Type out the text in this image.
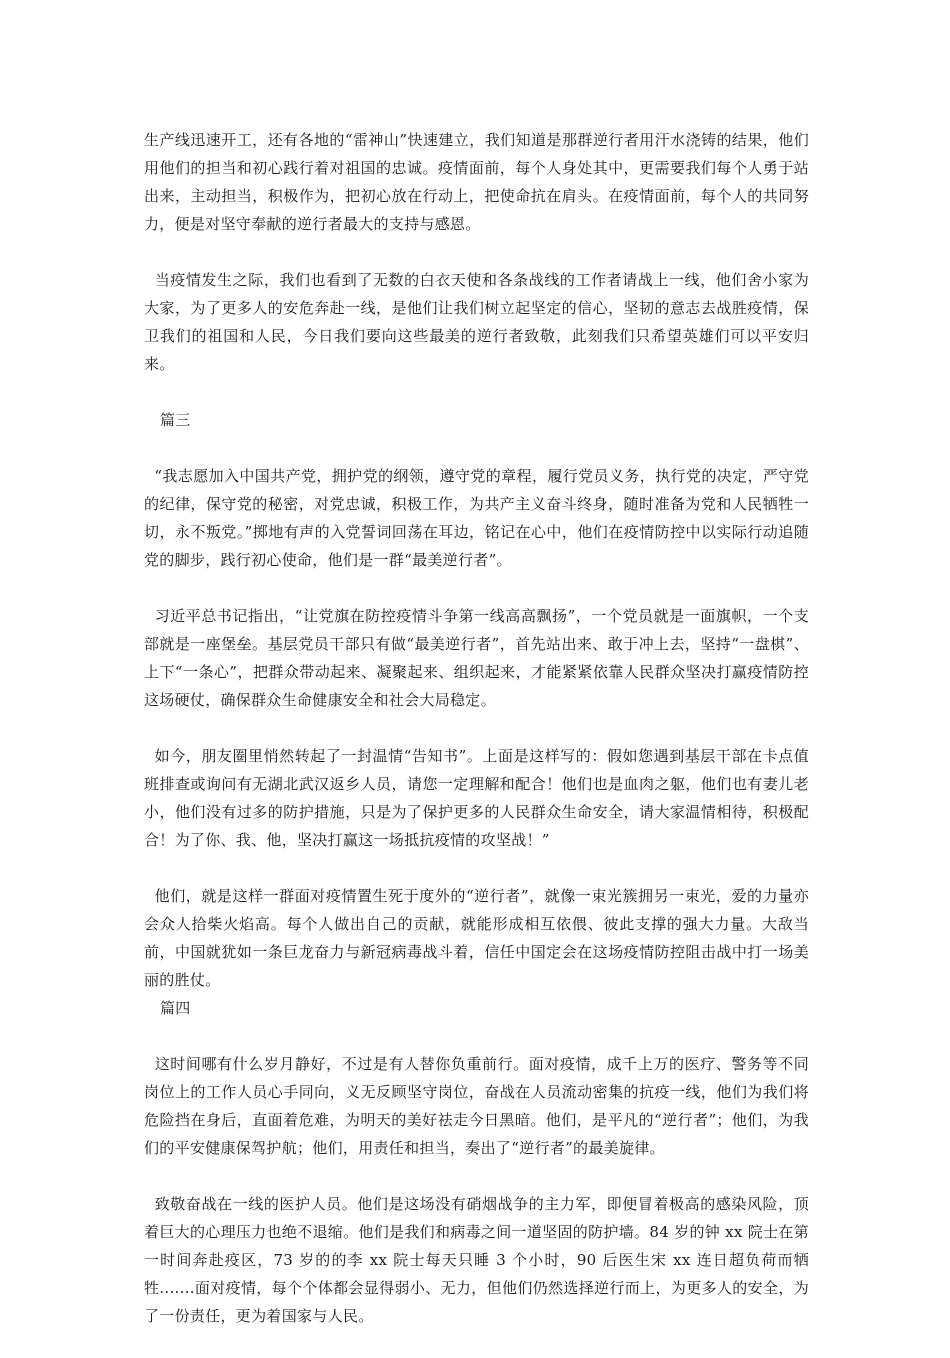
生产线迅速开工，还有各地的“雷神山”快速建立，我们知道是那群逆行者用汗水浇铸的结果，他们用他们的担当和初心践行着对祖国的忠诚。疫情面前，每个人身处其中，更需要我们每个人勇于站出来，主动担当，积极作为，把初心放在行动上，把使命抗在肩头。在疫情面前，每个人的共同努力，便是对坚守奉献的逆行者最大的支持与感恩。

当疫情发生之际，我们也看到了无数的白衣天使和各条战线的工作者请战上一线，他们舍小家为大家，为了更多人的安危奔赴一线，是他们让我们树立起坚定的信心，坚韧的意志去战胜疫情，保卫我们的祖国和人民，今日我们要向这些最美的逆行者致敬，此刻我们只希望英雄们可以平安归来。

篇三

“我志愿加入中国共产党，拥护党的纲领，遵守党的章程，履行党员义务，执行党的决定，严守党的纪律，保守党的秘密，对党忠诚，积极工作，为共产主义奋斗终身，随时准备为党和人民牺牲一切，永不叛党。”掷地有声的入党誓词回荡在耳边，铭记在心中，他们在疫情防控中以实际行动追随党的脚步，践行初心使命，他们是一群“最美逆行者”。

习近平总书记指出，“让党旗在防控疫情斗争第一线高高飘扬”，一个党员就是一面旗帜，一个支部就是一座堡垒。基层党员干部只有做“最美逆行者”，首先站出来、敢于冲上去，坚持“一盘棋”、上下“一条心”，把群众带动起来、凝聚起来、组织起来，才能紧紧依靠人民群众坚决打赢疫情防控这场硬仗，确保群众生命健康安全和社会大局稳定。

如今，朋友圈里悄然转起了一封温情“告知书”。上面是这样写的：假如您遇到基层干部在卡点值班排查或询问有无湖北武汉返乡人员，请您一定理解和配合！他们也是血肉之躯，他们也有妻儿老小，他们没有过多的防护措施，只是为了保护更多的人民群众生命安全，请大家温情相待，积极配合！为了你、我、他，坚决打赢这一场抵抗疫情的攻坚战！”

他们，就是这样一群面对疫情置生死于度外的“逆行者”，就像一束光簇拥另一束光，爱的力量亦会众人拾柴火焰高。每个人做出自己的贡献，就能形成相互依偎、彼此支撑的强大力量。大敌当前，中国就犹如一条巨龙奋力与新冠病毒战斗着，信任中国定会在这场疫情防控阻击战中打一场美丽的胜仗。

篇四

这时间哪有什么岁月静好，不过是有人替你负重前行。面对疫情，成千上万的医疗、警务等不同岗位上的工作人员心手同向，义无反顾坚守岗位，奋战在人员流动密集的抗疫一线，他们为我们将危险挡在身后，直面着危难，为明天的美好祛走今日黑暗。他们，是平凡的“逆行者”；他们，为我们的平安健康保驾护航；他们，用责任和担当，奏出了“逆行者”的最美旋律。

致敬奋战在一线的医护人员。他们是这场没有硝烟战争的主力军，即便冒着极高的感染风险，顶着巨大的心理压力也绝不退缩。他们是我们和病毒之间一道坚固的防护墙。84 岁的钟 xx 院士在第一时间奔赴疫区，73 岁的的李 xx 院士每天只睡 3 个小时，90 后医生宋 xx 连日超负荷而牺牲.......面对疫情，每个个体都会显得弱小、无力，但他们仍然选择逆行而上，为更多人的安全，为了一份责任，更为着国家与人民。
